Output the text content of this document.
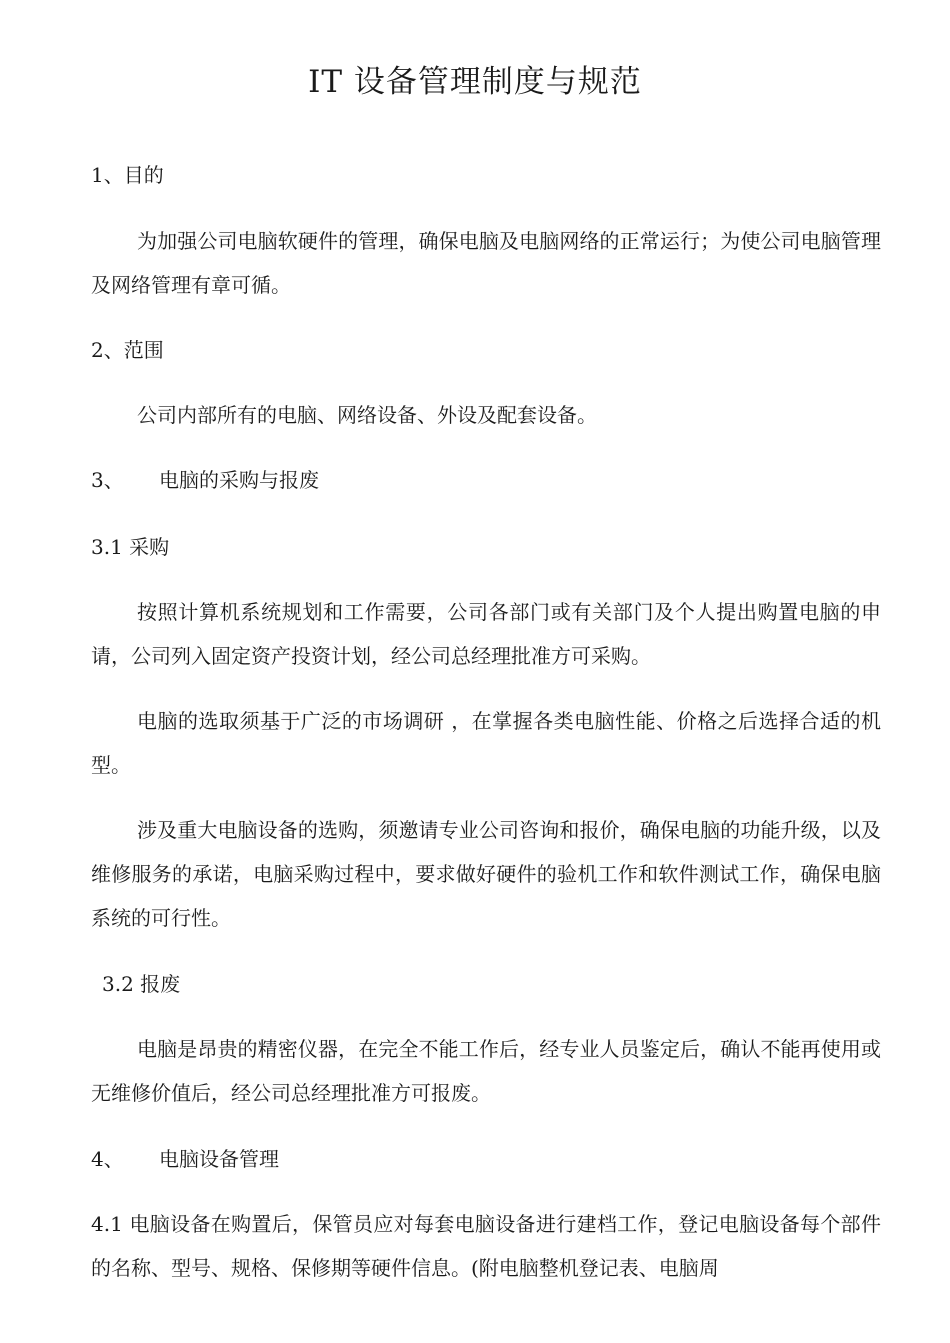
IT 设备管理制度与规范
1、目的
为加强公司电脑软硬件的管理，确保电脑及电脑网络的正常运行；为使公司电脑管理及网络管理有章可循。
2、范围
公司内部所有的电脑、网络设备、外设及配套设备。
3、 电脑的采购与报废
3.1 采购
按照计算机系统规划和工作需要，公司各部门或有关部门及个人提出购置电脑的申请，公司列入固定资产投资计划，经公司总经理批准方可采购。
电脑的选取须基于广泛的市场调研 ，在掌握各类电脑性能、价格之后选择合适的机型。
涉及重大电脑设备的选购，须邀请专业公司咨询和报价，确保电脑的功能升级，以及维修服务的承诺，电脑采购过程中，要求做好硬件的验机工作和软件测试工作，确保电脑系统的可行性。
3.2 报废
电脑是昂贵的精密仪器，在完全不能工作后，经专业人员鉴定后，确认不能再使用或无维修价值后，经公司总经理批准方可报废。
4、 电脑设备管理
4.1 电脑设备在购置后，保管员应对每套电脑设备进行建档工作，登记电脑设备每个部件的名称、型号、规格、保修期等硬件信息。(附电脑整机登记表、电脑周
